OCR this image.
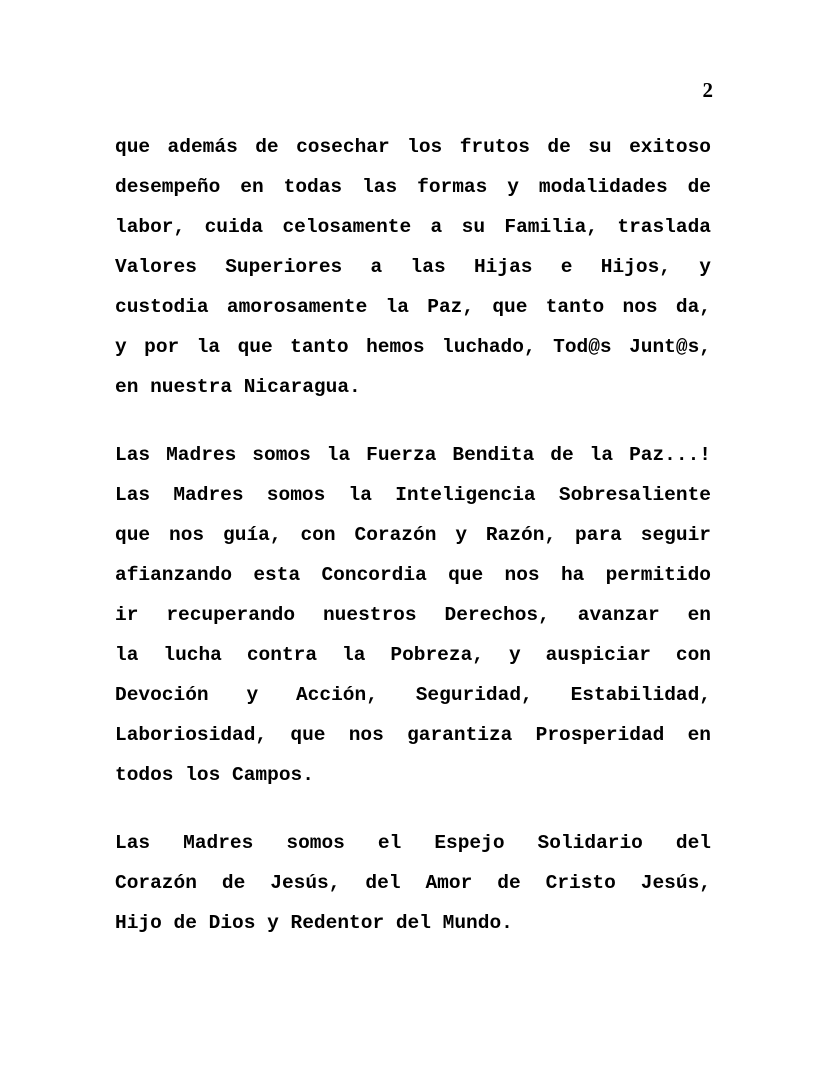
2
que además de cosechar los frutos de su exitoso
desempeño en todas las formas y modalidades de
labor, cuida celosamente a su Familia, traslada
Valores Superiores a las Hijas e Hijos, y
custodia amorosamente la Paz, que tanto nos da,
y por la que tanto hemos luchado, Tod@s Junt@s,
en nuestra Nicaragua.
Las Madres somos la Fuerza Bendita de la Paz...!
Las Madres somos la Inteligencia Sobresaliente
que nos guía, con Corazón y Razón, para seguir
afianzando esta Concordia que nos ha permitido
ir recuperando nuestros Derechos, avanzar en
la lucha contra la Pobreza, y auspiciar con
Devoción y Acción, Seguridad, Estabilidad,
Laboriosidad, que nos garantiza Prosperidad en
todos los Campos.
Las Madres somos el Espejo Solidario del
Corazón de Jesús, del Amor de Cristo Jesús,
Hijo de Dios y Redentor del Mundo.
